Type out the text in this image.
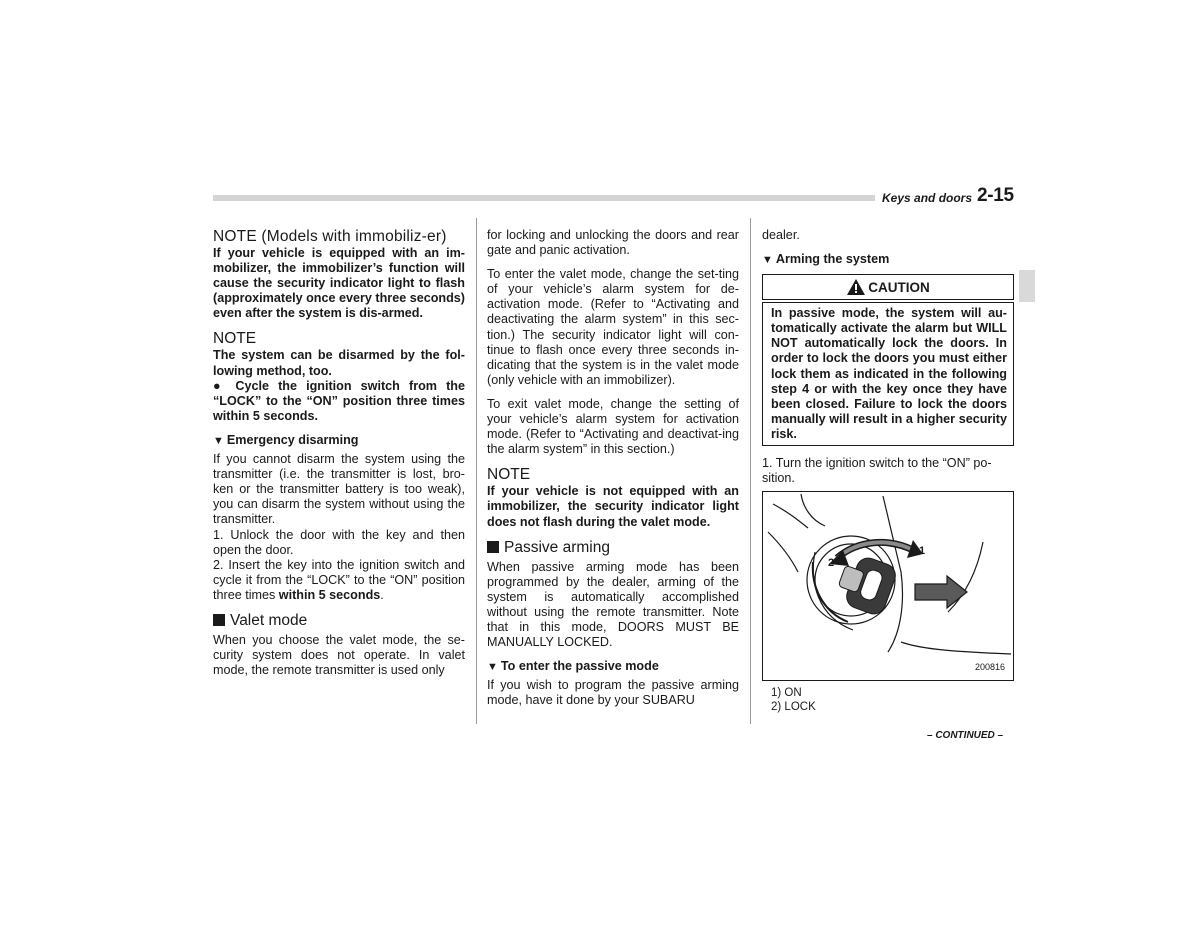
Keys and doors 2-15
NOTE (Models with immobiliz-er)

If your vehicle is equipped with an im-mobilizer, the immobilizer’s function will cause the security indicator light to flash (approximately once every three seconds) even after the system is dis-armed.

NOTE

The system can be disarmed by the fol-lowing method, too.

● Cycle the ignition switch from the “LOCK” to the “ON” position three times within 5 seconds.

▼ Emergency disarming

If you cannot disarm the system using the transmitter (i.e. the transmitter is lost, bro-ken or the transmitter battery is too weak), you can disarm the system without using the transmitter.

1. Unlock the door with the key and then open the door.

2. Insert the key into the ignition switch and cycle it from the “LOCK” to the “ON” position three times within 5 seconds.

Valet mode

When you choose the valet mode, the se-curity system does not operate. In valet mode, the remote transmitter is used only

for locking and unlocking the doors and rear gate and panic activation.

To enter the valet mode, change the set-ting of your vehicle’s alarm system for de-activation mode. (Refer to “Activating and deactivating the alarm system” in this sec-tion.) The security indicator light will con-tinue to flash once every three seconds in-dicating that the system is in the valet mode (only vehicle with an immobilizer).

To exit valet mode, change the setting of your vehicle’s alarm system for activation mode. (Refer to “Activating and deactivat-ing the alarm system” in this section.)

NOTE

If your vehicle is not equipped with an immobilizer, the security indicator light does not flash during the valet mode.

Passive arming

When passive arming mode has been programmed by the dealer, arming of the system is automatically accomplished without using the remote transmitter. Note that in this mode, DOORS MUST BE MANUALLY LOCKED.

▼ To enter the passive mode

If you wish to program the passive arming mode, have it done by your SUBARU

dealer.

▼ Arming the system
CAUTION
In passive mode, the system will au-tomatically activate the alarm but WILL NOT automatically lock the doors. In order to lock the doors you must either lock them as indicated in the following step 4 or with the key once they have been closed. Failure to lock the doors manually will result in a higher security risk.

1. Turn the ignition switch to the “ON” po-sition.

1
2
200816
1) ON
2) LOCK
– CONTINUED –
